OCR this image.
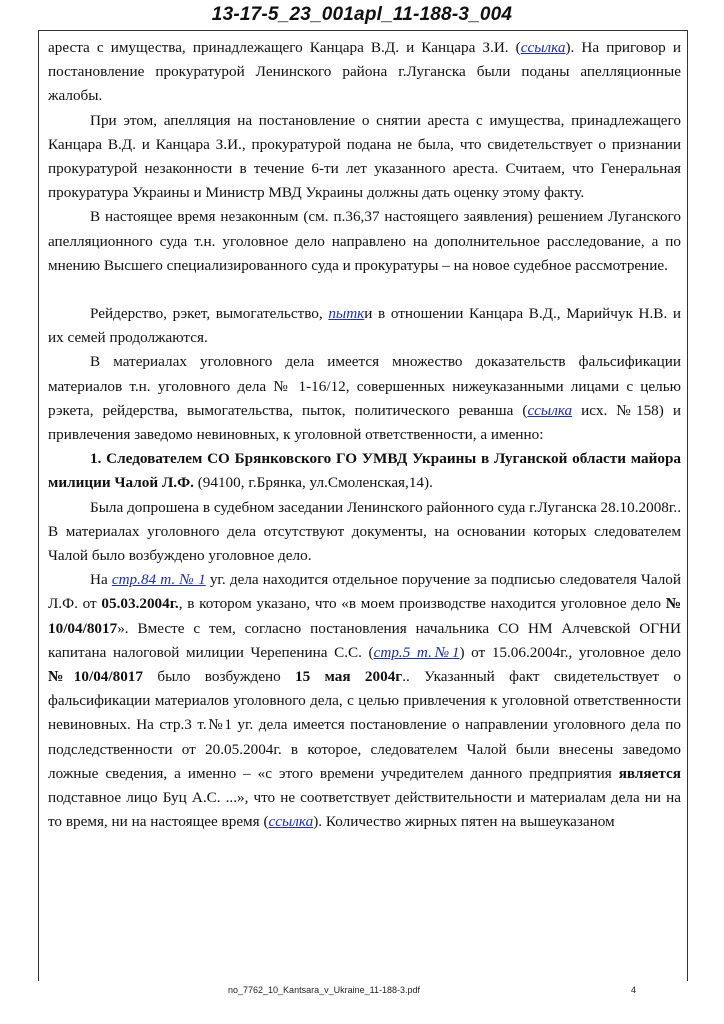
13-17-5_23_001apl_11-188-3_004

ареста с имущества, принадлежащего Канцара В.Д. и Канцара З.И. (ссылка). На приговор и постановление прокуратурой Ленинского района г.Луганска были поданы апелляционные жалобы.

При этом, апелляция на постановление о снятии ареста с имущества, принадлежащего Канцара В.Д. и Канцара З.И., прокуратурой подана не была, что свидетельствует о признании прокуратурой незаконности в течение 6-ти лет указанного ареста. Считаем, что Генеральная прокуратура Украины и Министр МВД Украины должны дать оценку этому факту.

В настоящее время незаконным (см. п.36,37 настоящего заявления) решением Луганского апелляционного суда т.н. уголовное дело направлено на дополнительное расследование, а по мнению Высшего специализированного суда и прокуратуры – на новое судебное рассмотрение.

Рейдерство, рэкет, вымогательство, пытки в отношении Канцара В.Д., Марийчук Н.В. и их семей продолжаются.

В материалах уголовного дела имеется множество доказательств фальсификации материалов т.н. уголовного дела № 1-16/12, совершенных нижеуказанными лицами с целью рэкета, рейдерства, вымогательства, пыток, политического реванша (ссылка исх. №158) и привлечения заведомо невиновных, к уголовной ответственности, а именно:

1. Следователем СО Брянковского ГО УМВД Украины в Луганской области майора милиции Чалой Л.Ф. (94100, г.Брянка, ул.Смоленская,14).

Была допрошена в судебном заседании Ленинского районного суда г.Луганска 28.10.2008г.. В материалах уголовного дела отсутствуют документы, на основании которых следователем Чалой было возбуждено уголовное дело.

На стр.84 т. № 1 уг. дела находится отдельное поручение за подписью следователя Чалой Л.Ф. от 05.03.2004г., в котором указано, что «в моем производстве находится уголовное дело № 10/04/8017». Вместе с тем, согласно постановления начальника СО НМ Алчевской ОГНИ капитана налоговой милиции Черепенина С.С. (стр.5 т.№1) от 15.06.2004г., уголовное дело №10/04/8017 было возбуждено 15 мая 2004г.. Указанный факт свидетельствует о фальсификации материалов уголовного дела, с целью привлечения к уголовной ответственности невиновных. На стр.3 т.№1 уг. дела имеется постановление о направлении уголовного дела по подследственности от 20.05.2004г. в которое, следователем Чалой были внесены заведомо ложные сведения, а именно – «с этого времени учредителем данного предприятия является подставное лицо Буц А.С. ...», что не соответствует действительности и материалам дела ни на то время, ни на настоящее время (ссылка). Количество жирных пятен на вышеуказаном

no_7762_10_Kantsara_v_Ukraine_11-188-3.pdf	4
